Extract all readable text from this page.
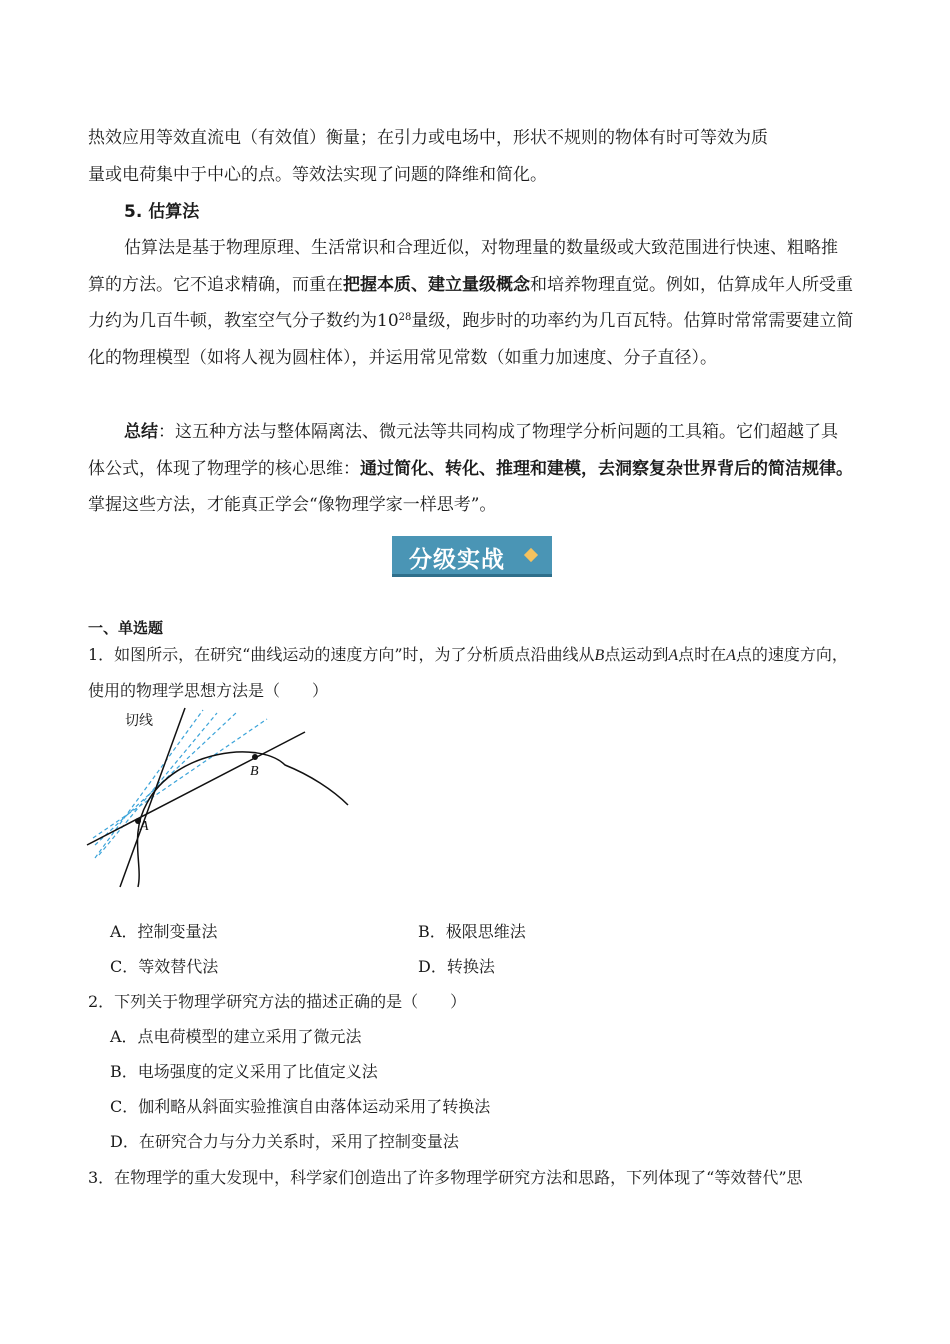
热效应用等效直流电（有效值）衡量；在引力或电场中，形状不规则的物体有时可等效为质
量或电荷集中于中心的点。等效法实现了问题的降维和简化。

5. 估算法

估算法是基于物理原理、生活常识和合理近似，对物理量的数量级或大致范围进行快速、粗略推算的方法。它不追求精确，而重在把握本质、建立量级概念和培养物理直觉。例如，估算成年人所受重力约为几百牛顿，教室空气分子数约为$10^{28}$量级，跑步时的功率约为几百瓦特。估算时常常需要建立简化的物理模型（如将人视为圆柱体），并运用常见常数（如重力加速度、分子直径）。

总结：这五种方法与整体隔离法、微元法等共同构成了物理学分析问题的工具箱。它们超越了具体公式，体现了物理学的核心思维：通过简化、转化、推理和建模，去洞察复杂世界背后的简洁规律。 掌握这些方法，才能真正学会“像物理学家一样思考”。

分级实战
一、单选题

1．如图所示，在研究“曲线运动的速度方向”时，为了分析质点沿曲线从B点运动到A点时在A点的速度方向，使用的物理学思想方法是（　　）

切线
A
B
A．控制变量法	B．极限思维法
C．等效替代法	D．转换法
2．下列关于物理学研究方法的描述正确的是（　　）
A．点电荷模型的建立采用了微元法
B．电场强度的定义采用了比值定义法
C．伽利略从斜面实验推演自由落体运动采用了转换法
D．在研究合力与分力关系时，采用了控制变量法
3．在物理学的重大发现中，科学家们创造出了许多物理学研究方法和思路，下列体现了“等效替代”思
